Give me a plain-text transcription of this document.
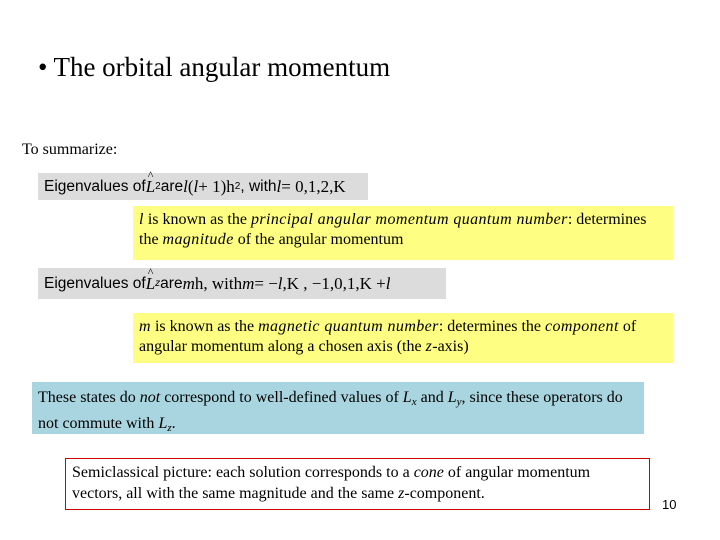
• The orbital angular momentum
To summarize:
Eigenvalues of ^ L 2 are l ( l + 1)h 2 , with l = 0,1,2,K
l is known as the principal angular momentum quantum number: determines the magnitude of the angular momentum
Eigenvalues of ^ L z are m h, with m = − l ,K , −1,0,1,K + l
m is known as the magnetic quantum number: determines the component of angular momentum along a chosen axis (the z-axis)
These states do not correspond to well-defined values of Lx and Ly, since these operators do not commute with Lz.
Semiclassical picture: each solution corresponds to a cone of angular momentum vectors, all with the same magnitude and the same z-component.
10
